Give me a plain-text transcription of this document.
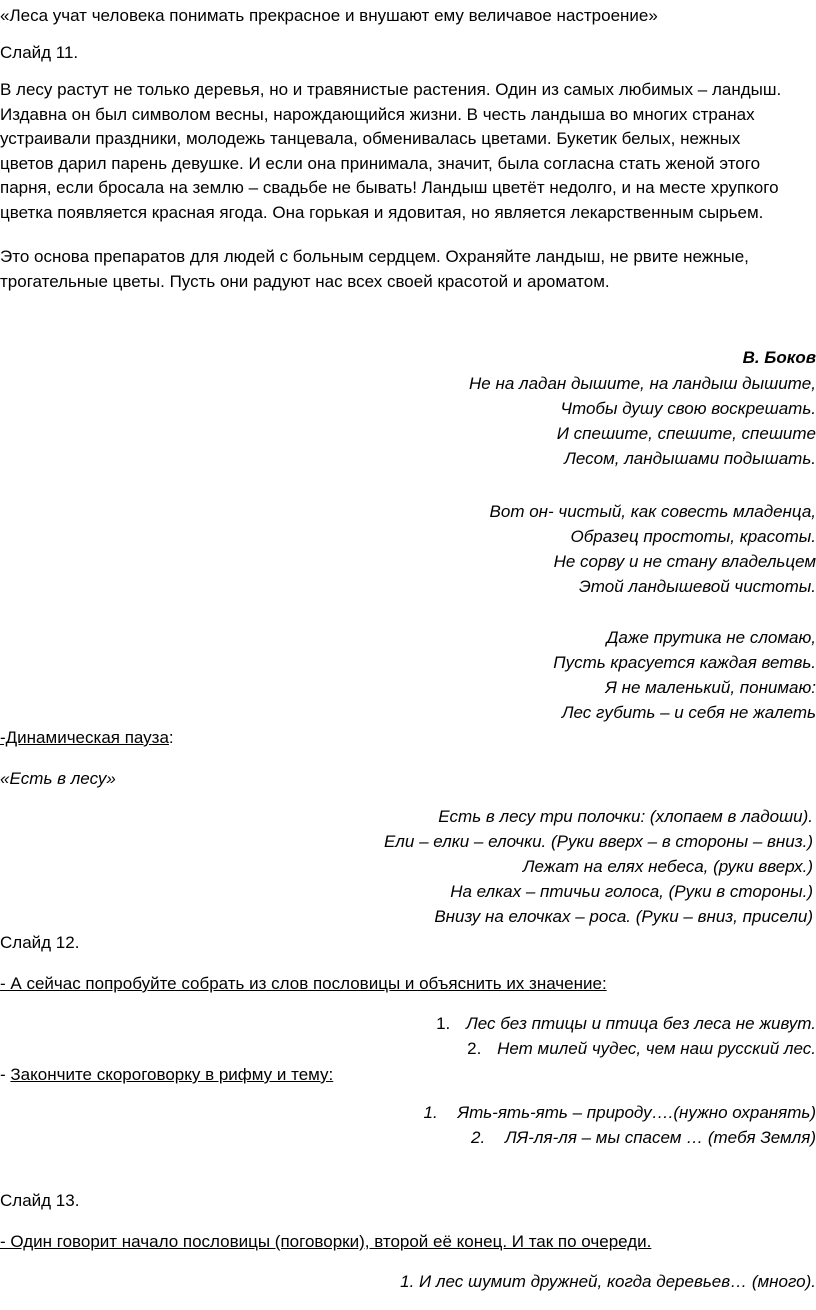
«Леса учат человека понимать прекрасное и внушают ему величавое настроение»
Слайд 11.
В лесу растут не только деревья, но и травянистые растения. Один из самых любимых – ландыш.
Издавна он был символом весны, нарождающийся жизни. В честь ландыша во многих странах
устраивали праздники, молодежь танцевала, обменивалась цветами. Букетик белых, нежных
цветов дарил парень девушке. И если она принимала, значит, была согласна стать женой этого
парня, если бросала на землю – свадьбе не бывать! Ландыш цветёт недолго, и на месте хрупкого
цветка появляется красная ягода. Она горькая и ядовитая, но является лекарственным сырьем.
Это основа препаратов для людей с больным сердцем. Охраняйте ландыш, не рвите нежные,
трогательные цветы. Пусть они радуют нас всех своей красотой и ароматом.
В. Боков
Не на ладан дышите, на ландыш дышите,
Чтобы душу свою воскрешать.
И спешите, спешите, спешите
Лесом, ландышами подышать.
Вот он- чистый, как совесть младенца,
Образец простоты, красоты.
Не сорву и не стану владельцем
Этой ландышевой чистоты.
Даже прутика не сломаю,
Пусть красуется каждая ветвь.
Я не маленький, понимаю:
Лес губить – и себя не жалеть
-Динамическая пауза:
«Есть в лесу»
Есть в лесу три полочки: (хлопаем в ладоши).
Ели – елки – елочки. (Руки вверх – в стороны – вниз.)
Лежат на елях небеса, (руки вверх.)
На елках – птичьи голоса, (Руки в стороны.)
Внизу на елочках – роса. (Руки – вниз, присели)
Слайд 12.
- А сейчас попробуйте собрать из слов пословицы и объяснить их значение:
1. Лес без птицы и птица без леса не живут.
2. Нет милей чудес, чем наш русский лес.
- Закончите скороговорку в рифму и тему:
1. Ять-ять-ять – природу….(нужно охранять)
2. ЛЯ-ля-ля – мы спасем … (тебя Земля)
Слайд 13.
- Один говорит начало пословицы (поговорки), второй её конец. И так по очереди.
1. И лес шумит дружней, когда деревьев… (много).
